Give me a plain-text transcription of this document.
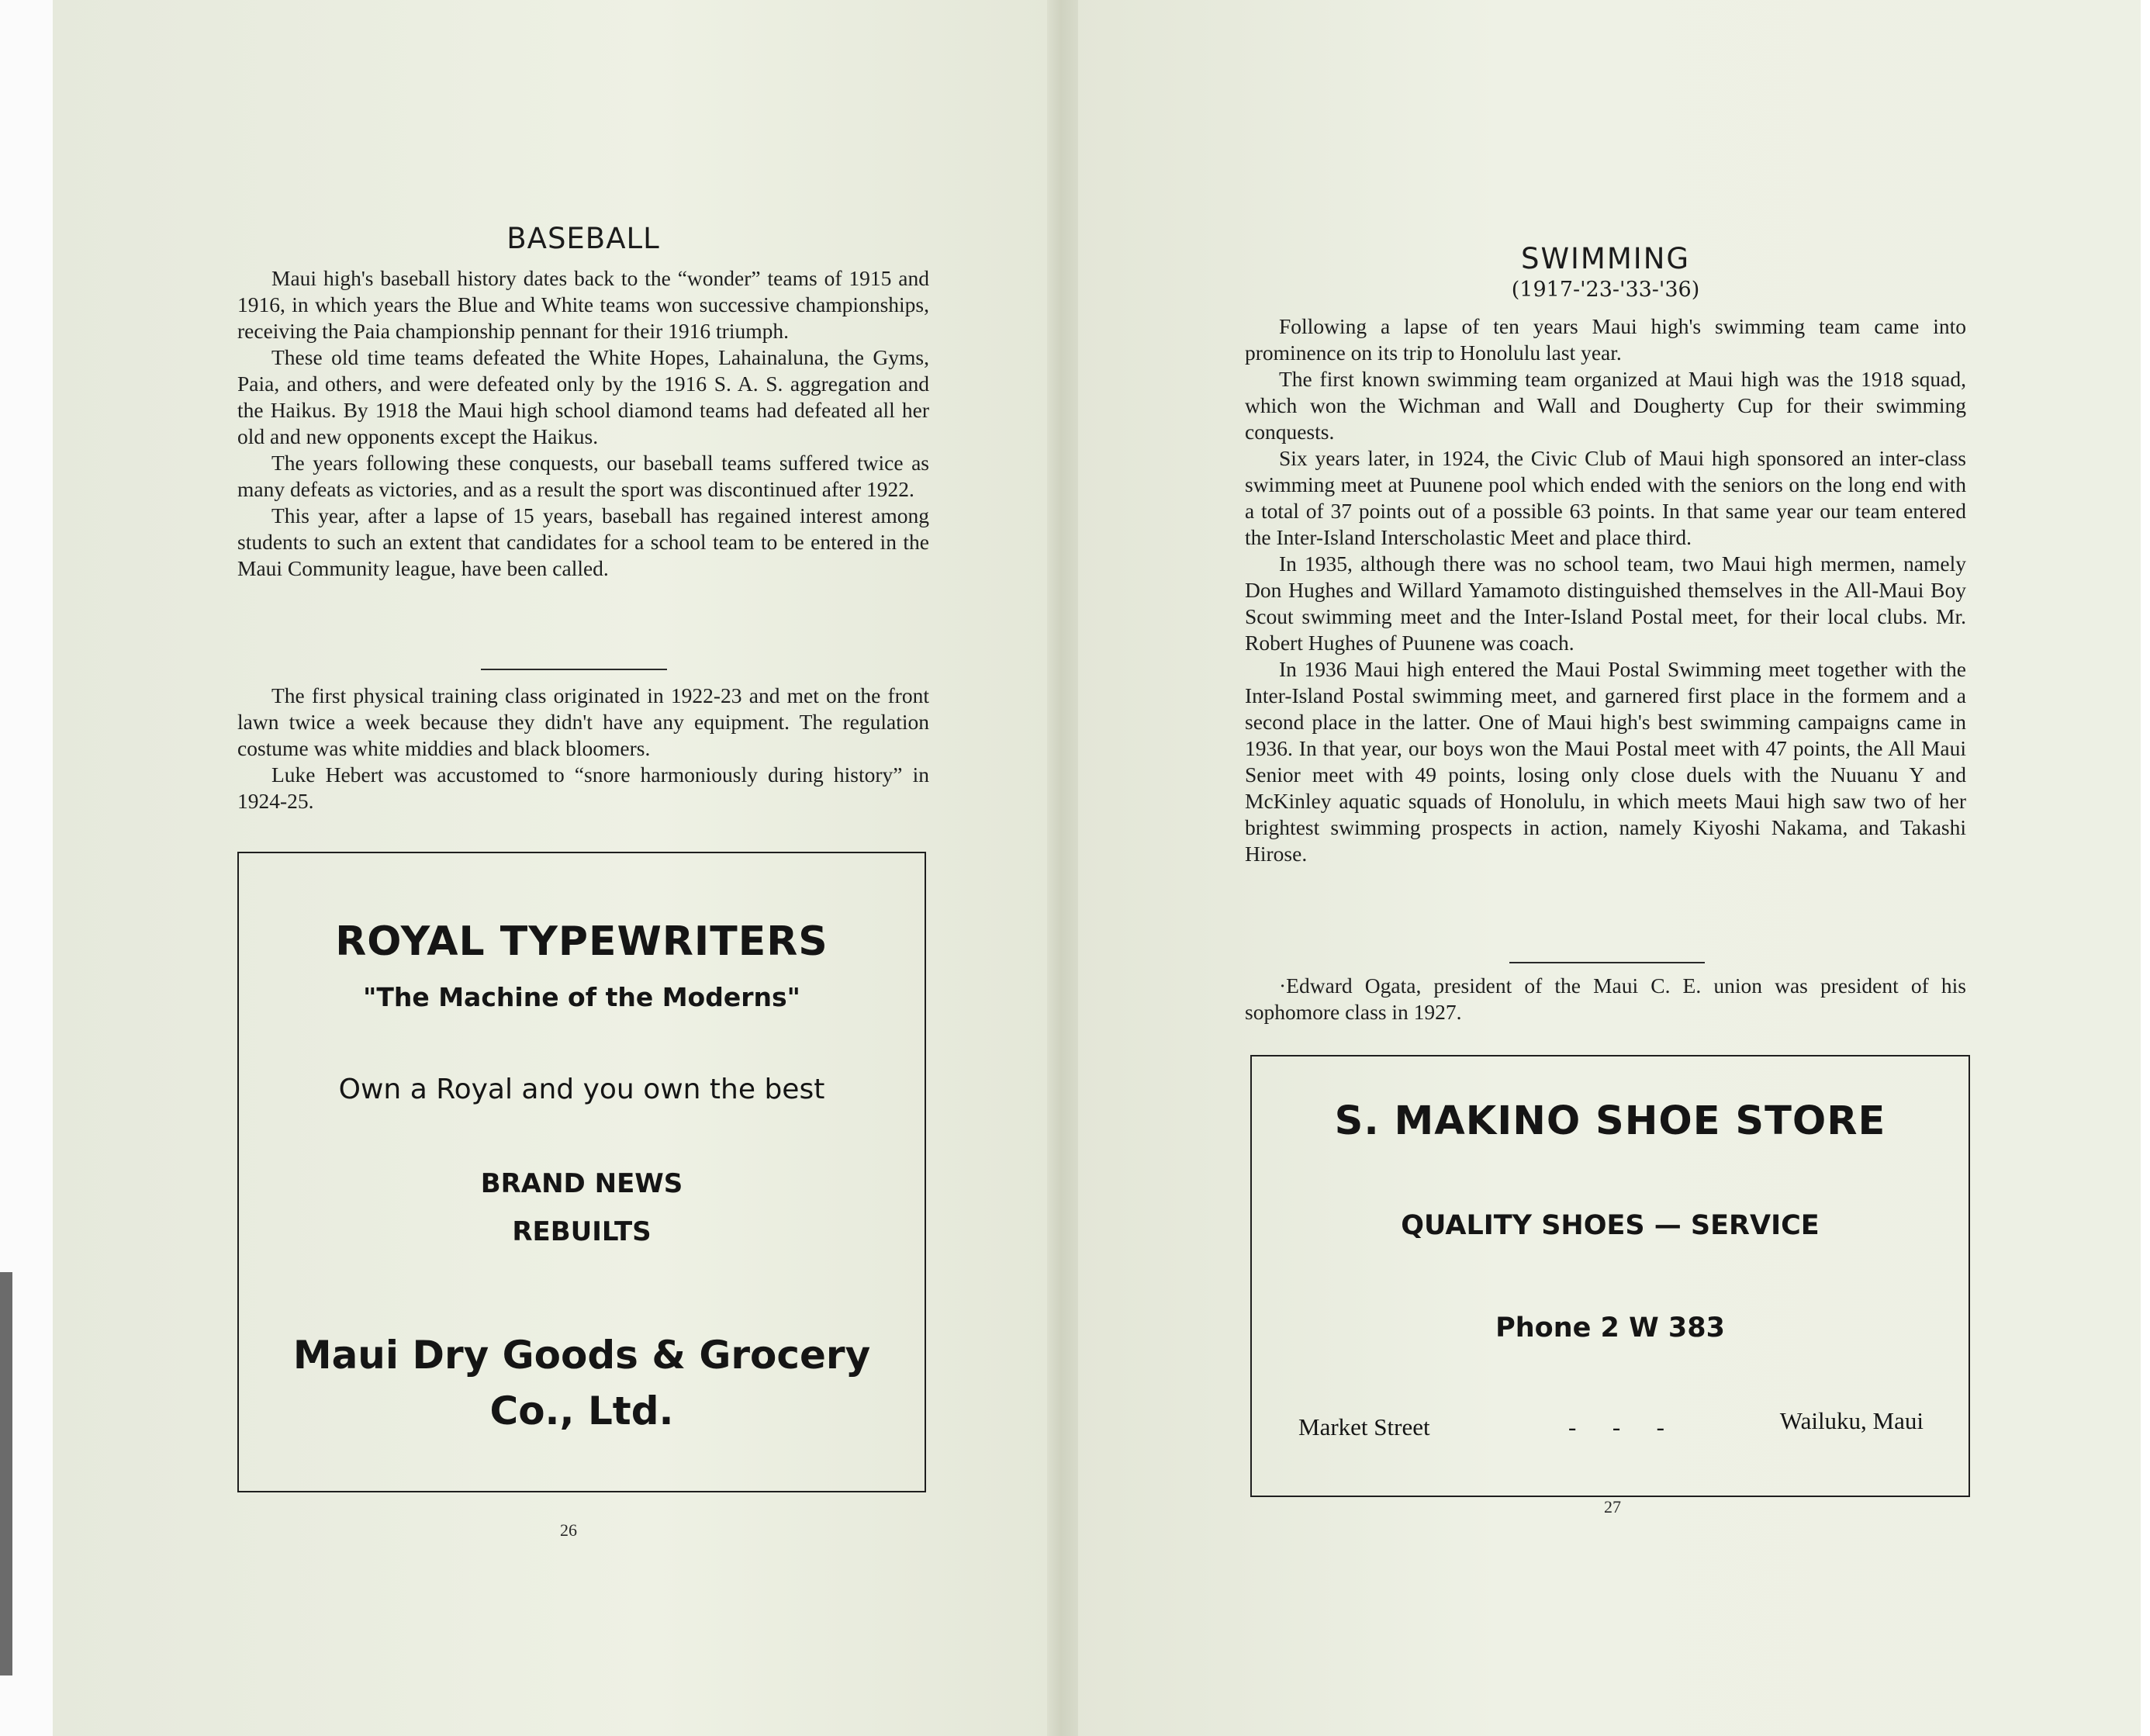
BASEBALL

Maui high's baseball history dates back to the “wonder” teams of 1915 and 1916, in which years the Blue and White teams won successive championships, receiving the Paia championship pennant for their 1916 triumph.

These old time teams defeated the White Hopes, Lahainaluna, the Gyms, Paia, and others, and were defeated only by the 1916 S. A. S. aggregation and the Haikus. By 1918 the Maui high school diamond teams had defeated all her old and new opponents except the Haikus.

The years following these conquests, our baseball teams suffered twice as many defeats as victories, and as a result the sport was discontinued after 1922.

This year, after a lapse of 15 years, baseball has regained interest among students to such an extent that candidates for a school team to be entered in the Maui Community league, have been called.

The first physical training class originated in 1922-23 and met on the front lawn twice a week because they didn't have any equipment. The regulation costume was white middies and black bloomers.

Luke Hebert was accustomed to “snore harmoniously during history” in 1924-25.

ROYAL TYPEWRITERS
"The Machine of the Moderns"
Own a Royal and you own the best
BRAND NEWS
REBUILTS
Maui Dry Goods & Grocery
Co., Ltd.
26
SWIMMING
(1917-'23-'33-'36)

Following a lapse of ten years Maui high's swimming team came into prominence on its trip to Honolulu last year.

The first known swimming team organized at Maui high was the 1918 squad, which won the Wichman and Wall and Dougherty Cup for their swimming conquests.

Six years later, in 1924, the Civic Club of Maui high sponsored an inter-class swimming meet at Puunene pool which ended with the seniors on the long end with a total of 37 points out of a possible 63 points. In that same year our team entered the Inter-Island Interscholastic Meet and place third.

In 1935, although there was no school team, two Maui high mermen, namely Don Hughes and Willard Yamamoto distinguished themselves in the All-Maui Boy Scout swimming meet and the Inter-Island Postal meet, for their local clubs. Mr. Robert Hughes of Puunene was coach.

In 1936 Maui high entered the Maui Postal Swimming meet together with the Inter-Island Postal swimming meet, and garnered first place in the formem and a second place in the latter. One of Maui high's best swimming campaigns came in 1936. In that year, our boys won the Maui Postal meet with 47 points, the All Maui Senior meet with 49 points, losing only close duels with the Nuuanu Y and McKinley aquatic squads of Honolulu, in which meets Maui high saw two of her brightest swimming prospects in action, namely Kiyoshi Nakama, and Takashi Hirose.

·Edward Ogata, president of the Maui C. E. union was president of his sophomore class in 1927.

S. MAKINO SHOE STORE
QUALITY SHOES — SERVICE
Phone 2 W 383
Market Street	-      -      -	Wailuku, Maui
27
